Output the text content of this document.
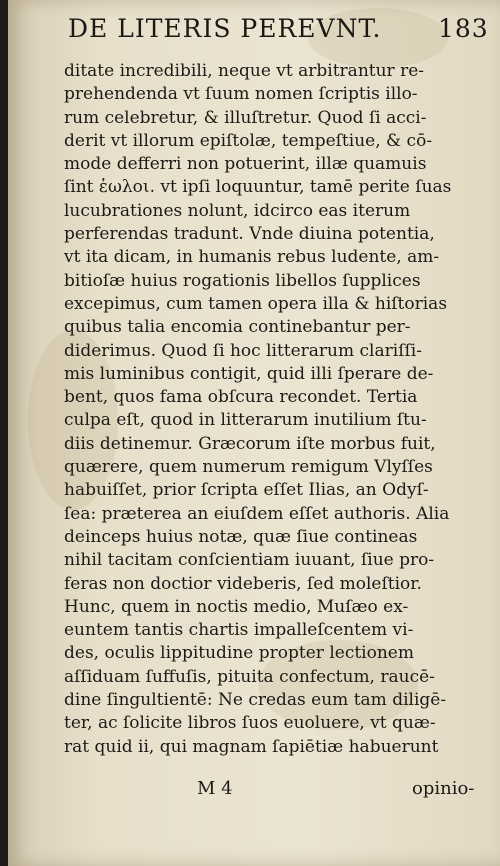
DE LITERIS PEREVNT. 183
ditate incredibili, neque vt arbitrantur re-
prehendenda vt ſuum nomen ſcriptis illo-
rum celebretur, & illuſtretur. Quod ſi acci-
derit vt illorum epiſtolæ, tempeſtiue, & cō-
mode defferri non potuerint, illæ quamuis
ſint ἑωλοι. vt ipſi loquuntur, tamē perite ſuas
lucubrationes nolunt, idcirco eas iterum
perferendas tradunt. Vnde diuina potentia,
vt ita dicam, in humanis rebus ludente, am-
bitioſæ huius rogationis libellos ſupplices
excepimus, cum tamen opera illa & hiſtorias
quibus talia encomia continebantur per-
diderimus. Quod ſi hoc litterarum clariſſi-
mis luminibus contigit, quid illi ſperare de-
bent, quos fama obſcura recondet. Tertia
culpa eſt, quod in litterarum inutilium ſtu-
diis detinemur. Græcorum iſte morbus fuit,
quærere, quem numerum remigum Vlyſſes
habuiſſet, prior ſcripta eſſet Ilias, an Odyſ-
ſea: præterea an eiuſdem eſſet authoris. Alia
deinceps huius notæ, quæ ſiue contineas
nihil tacitam conſcientiam iuuant, ſiue pro-
feras non doctior videberis, ſed moleſtior.
Hunc, quem in noctis medio, Muſæo ex-
euntem tantis chartis impalleſcentem vi-
des, oculis lippitudine propter lectionem
aſſiduam ſuffuſis, pituita confectum, raucē-
dine ſingultientē: Ne credas eum tam diligē-
ter, ac ſolicite libros ſuos euoluere, vt quæ-
rat quid ii, qui magnam ſapiētiæ habuerunt
M 4	opinio-
